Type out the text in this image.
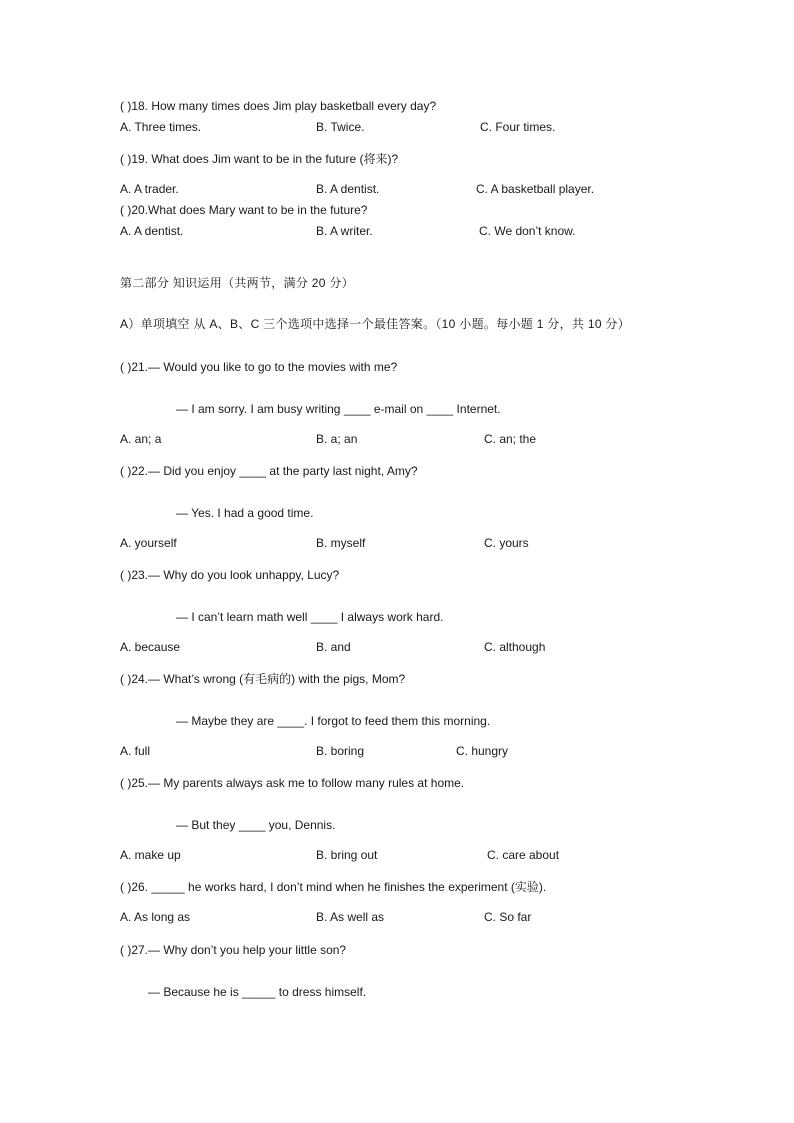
( )18. How many times does Jim play basketball every day?
A. Three times.	B. Twice.	C. Four times.
( )19. What does Jim want to be in the future (将来)?
A. A trader.	B. A dentist.	C. A basketball player.
( )20.What does Mary want to be in the future?
A. A dentist.	B. A writer.	C. We don’t know.
第二部分 知识运用（共两节，满分 20 分）
A）单项填空 从 A、B、C 三个选项中选择一个最佳答案。（10 小题。每小题 1 分，共 10 分）
( )21.— Would you like to go to the movies with me?
— I am sorry. I am busy writing ____ e-mail on ____ Internet.
A. an; a	B. a; an	C. an; the
( )22.— Did you enjoy ____ at the party last night, Amy?
— Yes. I had a good time.
A. yourself	B. myself	C. yours
( )23.— Why do you look unhappy, Lucy?
— I can’t learn math well ____ I always work hard.
A. because	B. and	C. although
( )24.— What’s wrong (有毛病的) with the pigs, Mom?
— Maybe they are ____. I forgot to feed them this morning.
A. full	B. boring	C. hungry
( )25.— My parents always ask me to follow many rules at home.
— But they ____ you, Dennis.
A. make up	B. bring out	C. care about
( )26. _____ he works hard, I don’t mind when he finishes the experiment (实验).
A. As long as	B. As well as	C. So far
( )27.— Why don’t you help your little son?
— Because he is _____ to dress himself.
